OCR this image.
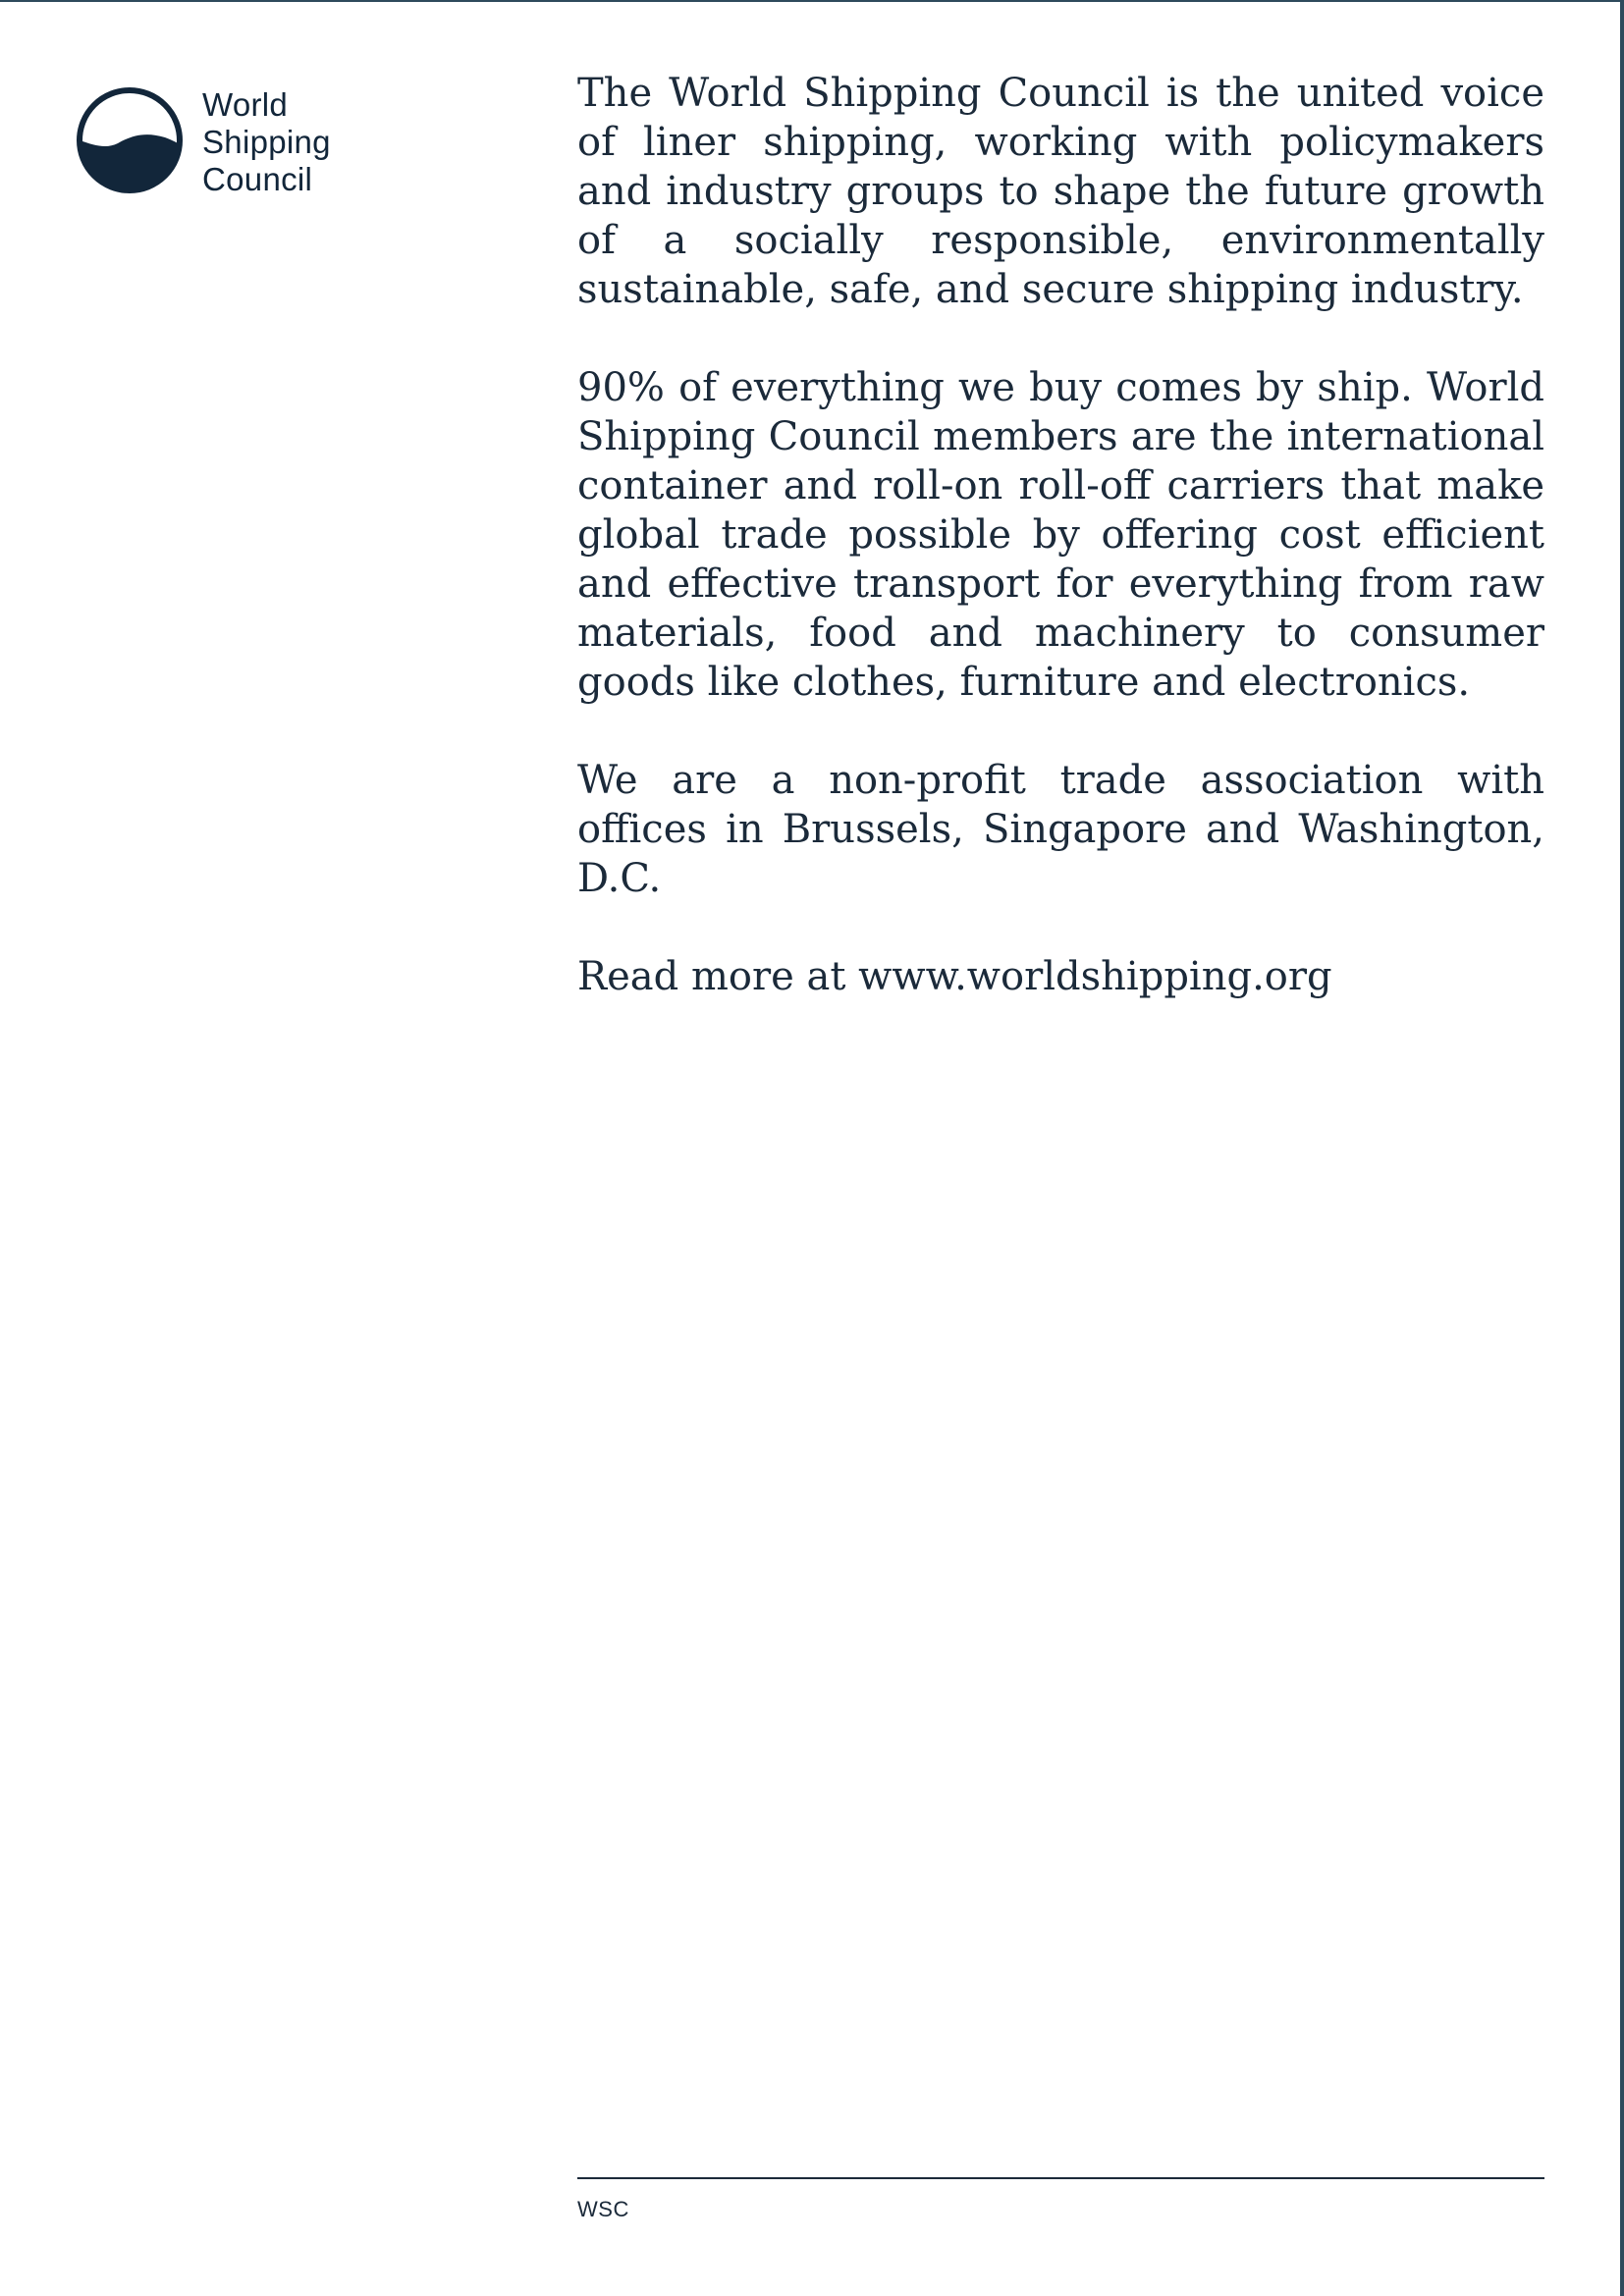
World
Shipping
Council

The World Shipping Council is the united voice of liner shipping, working with policymakers and industry groups to shape the future growth of a socially responsible, environmentally sustainable, safe, and secure shipping industry.

90% of everything we buy comes by ship. World Shipping Council members are the international container and roll-on roll-off carriers that make global trade possible by offering cost efficient and effective transport for everything from raw materials, food and machinery to consumer goods like clothes, furniture and electronics.

We are a non-profit trade association with offices in Brussels, Singapore and Washington, D.C.

Read more at www.worldshipping.org

WSC
